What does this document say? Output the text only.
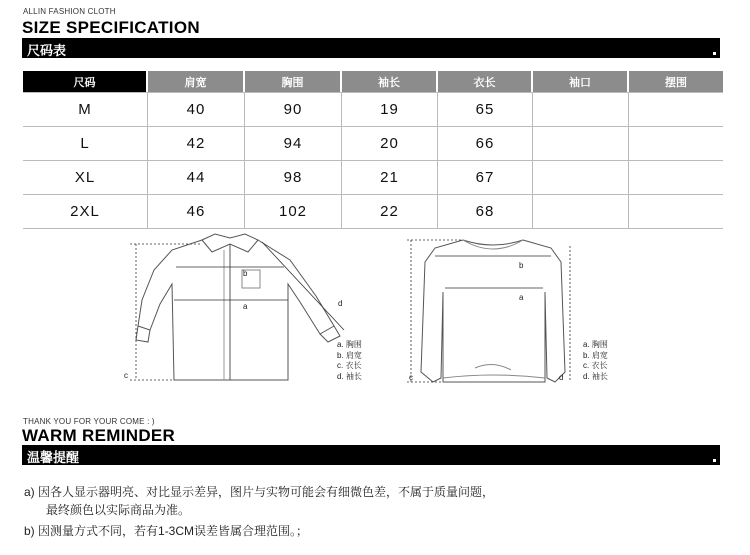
ALLIN FASHION CLOTH
SIZE SPECIFICATION
尺码表
尺码	肩宽	胸围	袖长	衣长	袖口	摆围
M	40	90	19	65		
L	42	94	20	66		
XL	44	98	21	67		
2XL	46	102	22	68		
b
a
c
d
a. 胸围
b. 肩宽
c. 衣长
d. 袖长
b
a
c	d
a. 胸围
b. 肩宽
c. 衣长
d. 袖长
THANK YOU FOR YOUR COME : )
WARM REMINDER
温馨提醒
a) 因各人显示器明亮、对比显示差异，图片与实物可能会有细微色差，不属于质量问题，
最终颜色以实际商品为准。
b) 因测量方式不同，若有1-3CM误差皆属合理范围。；
